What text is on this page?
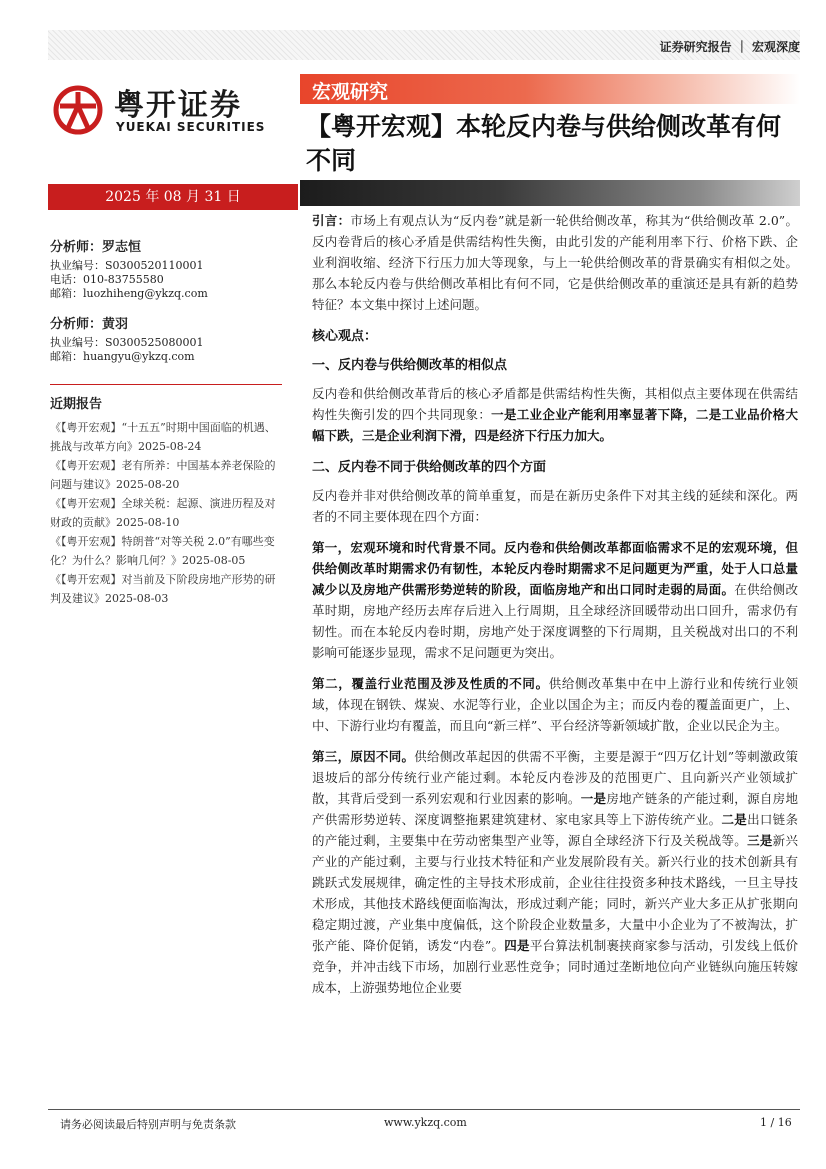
证券研究报告 ｜ 宏观深度
粤开证券
YUEKAI SECURITIES
宏观研究
【粤开宏观】本轮反内卷与供给侧改革有何不同
2025 年 08 月 31 日

分析师：罗志恒

执业编号：S0300520110001

电话：010-83755580

邮箱：luozhiheng@ykzq.com

分析师：黄羽

执业编号：S0300525080001

邮箱：huangyu@ykzq.com

近期报告
《【粤开宏观】“十五五”时期中国面临的机遇、挑战与改革方向》2025-08-24
《【粤开宏观】老有所养：中国基本养老保险的问题与建议》2025-08-20
《【粤开宏观】全球关税：起源、演进历程及对财政的贡献》2025-08-10
《【粤开宏观】特朗普“对等关税 2.0”有哪些变化？为什么？影响几何？》2025-08-05
《【粤开宏观】对当前及下阶段房地产形势的研判及建议》2025-08-03

引言：市场上有观点认为“反内卷”就是新一轮供给侧改革，称其为“供给侧改革 2.0”。反内卷背后的核心矛盾是供需结构性失衡，由此引发的产能利用率下行、价格下跌、企业利润收缩、经济下行压力加大等现象，与上一轮供给侧改革的背景确实有相似之处。那么本轮反内卷与供给侧改革相比有何不同，它是供给侧改革的重演还是具有新的趋势特征？本文集中探讨上述问题。

核心观点：
一、反内卷与供给侧改革的相似点

反内卷和供给侧改革背后的核心矛盾都是供需结构性失衡，其相似点主要体现在供需结构性失衡引发的四个共同现象：一是工业企业产能利用率显著下降，二是工业品价格大幅下跌，三是企业利润下滑，四是经济下行压力加大。

二、反内卷不同于供给侧改革的四个方面

反内卷并非对供给侧改革的简单重复，而是在新历史条件下对其主线的延续和深化。两者的不同主要体现在四个方面：

第一，宏观环境和时代背景不同。反内卷和供给侧改革都面临需求不足的宏观环境，但供给侧改革时期需求仍有韧性，本轮反内卷时期需求不足问题更为严重，处于人口总量减少以及房地产供需形势逆转的阶段，面临房地产和出口同时走弱的局面。在供给侧改革时期，房地产经历去库存后进入上行周期，且全球经济回暖带动出口回升，需求仍有韧性。而在本轮反内卷时期，房地产处于深度调整的下行周期，且关税战对出口的不利影响可能逐步显现，需求不足问题更为突出。

第二，覆盖行业范围及涉及性质的不同。供给侧改革集中在中上游行业和传统行业领域，体现在钢铁、煤炭、水泥等行业，企业以国企为主；而反内卷的覆盖面更广，上、中、下游行业均有覆盖，而且向“新三样”、平台经济等新领域扩散，企业以民企为主。

第三，原因不同。供给侧改革起因的供需不平衡，主要是源于“四万亿计划”等刺激政策退坡后的部分传统行业产能过剩。本轮反内卷涉及的范围更广、且向新兴产业领域扩散，其背后受到一系列宏观和行业因素的影响。一是房地产链条的产能过剩，源自房地产供需形势逆转、深度调整拖累建筑建材、家电家具等上下游传统产业。二是出口链条的产能过剩，主要集中在劳动密集型产业等，源自全球经济下行及关税战等。三是新兴产业的产能过剩，主要与行业技术特征和产业发展阶段有关。新兴行业的技术创新具有跳跃式发展规律，确定性的主导技术形成前，企业往往投资多种技术路线，一旦主导技术形成，其他技术路线便面临淘汰，形成过剩产能；同时，新兴产业大多正从扩张期向稳定期过渡，产业集中度偏低，这个阶段企业数量多，大量中小企业为了不被淘汰，扩张产能、降价促销，诱发“内卷”。四是平台算法机制裹挟商家参与活动，引发线上低价竞争，并冲击线下市场，加剧行业恶性竞争；同时通过垄断地位向产业链纵向施压转嫁成本，上游强势地位企业要

请务必阅读最后特别声明与免责条款	www.ykzq.com	1 / 16
